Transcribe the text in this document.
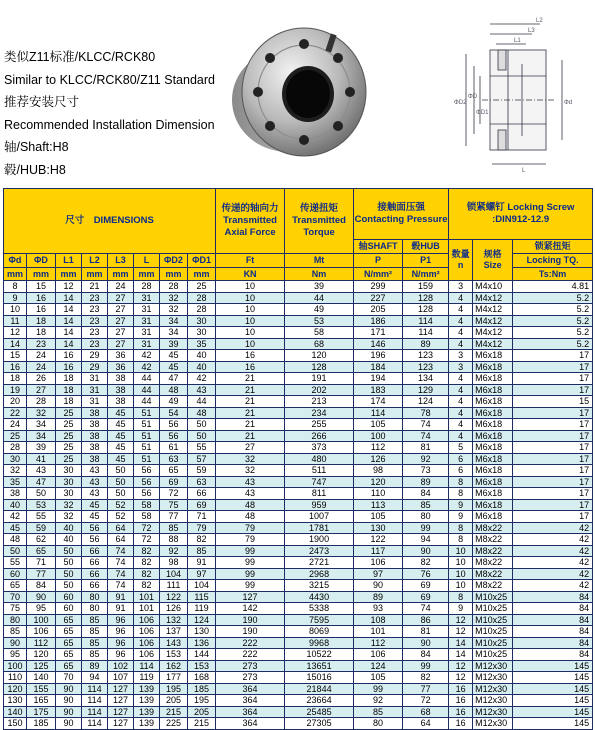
类似Z11标准/KLCC/RCK80
Similar to KLCC/RCK80/Z11 Standard
推荐安装尺寸
Recommended Installation Dimension
轴/Shaft:H8
毂/HUB:H8
L2
L3
L1
L
ΦD2
ΦD
ΦD1
Φd
尺寸　DIMENSIONS								传递的轴向力
Transmitted
Axial Force	传递扭矩
Transmitted
Torque	接触面压强
Contacting Pressure		锁紧螺钉 Locking Screw
:DIN912-12.9		
										轴SHAFT	毂HUB	数量
n	规格
Size	锁紧扭矩
Φd	ΦD	L1	L2	L3	L	ΦD2	ΦD1	Ft	Mt	P	P1			Locking TQ.
mm	mm	mm	mm	mm	mm	mm	mm	KN	Nm	N/mm²	N/mm²			Ts:Nm
8	15	12	21	24	28	28	25	10	39	299	159	3	M4x10	4.81
9	16	14	23	27	31	32	28	10	44	227	128	4	M4x12	5.2
10	16	14	23	27	31	32	28	10	49	205	128	4	M4x12	5.2
11	18	14	23	27	31	34	30	10	53	186	114	4	M4x12	5.2
12	18	14	23	27	31	34	30	10	58	171	114	4	M4x12	5.2
14	23	14	23	27	31	39	35	10	68	146	89	4	M4x12	5.2
15	24	16	29	36	42	45	40	16	120	196	123	3	M6x18	17
16	24	16	29	36	42	45	40	16	128	184	123	3	M6x18	17
18	26	18	31	38	44	47	42	21	191	194	134	4	M6x18	17
19	27	18	31	38	44	48	43	21	202	183	129	4	M6x18	17
20	28	18	31	38	44	49	44	21	213	174	124	4	M6x18	15
22	32	25	38	45	51	54	48	21	234	114	78	4	M6x18	17
24	34	25	38	45	51	56	50	21	255	105	74	4	M6x18	17
25	34	25	38	45	51	56	50	21	266	100	74	4	M6x18	17
28	39	25	38	45	51	61	55	27	373	112	81	5	M6x18	17
30	41	25	38	45	51	63	57	32	480	126	92	6	M6x18	17
32	43	30	43	50	56	65	59	32	511	98	73	6	M6x18	17
35	47	30	43	50	56	69	63	43	747	120	89	8	M6x18	17
38	50	30	43	50	56	72	66	43	811	110	84	8	M6x18	17
40	53	32	45	52	58	75	69	48	959	113	85	9	M6x18	17
42	55	32	45	52	58	77	71	48	1007	105	80	9	M6x18	17
45	59	40	56	64	72	85	79	79	1781	130	99	8	M8x22	42
48	62	40	56	64	72	88	82	79	1900	122	94	8	M8x22	42
50	65	50	66	74	82	92	85	99	2473	117	90	10	M8x22	42
55	71	50	66	74	82	98	91	99	2721	106	82	10	M8x22	42
60	77	50	66	74	82	104	97	99	2968	97	76	10	M8x22	42
65	84	50	66	74	82	111	104	99	3215	90	69	10	M8x22	42
70	90	60	80	91	101	122	115	127	4430	89	69	8	M10x25	84
75	95	60	80	91	101	126	119	142	5338	93	74	9	M10x25	84
80	100	65	85	96	106	132	124	190	7595	108	86	12	M10x25	84
85	106	65	85	96	106	137	130	190	8069	101	81	12	M10x25	84
90	112	65	85	96	106	143	136	222	9968	112	90	14	M10x25	84
95	120	65	85	96	106	153	144	222	10522	106	84	14	M10x25	84
100	125	65	89	102	114	162	153	273	13651	124	99	12	M12x30	145
110	140	70	94	107	119	177	168	273	15016	105	82	12	M12x30	145
120	155	90	114	127	139	195	185	364	21844	99	77	16	M12x30	145
130	165	90	114	127	139	205	195	364	23664	92	72	16	M12x30	145
140	175	90	114	127	139	215	205	364	25485	85	68	16	M12x30	145
150	185	90	114	127	139	225	215	364	27305	80	64	16	M12x30	145
